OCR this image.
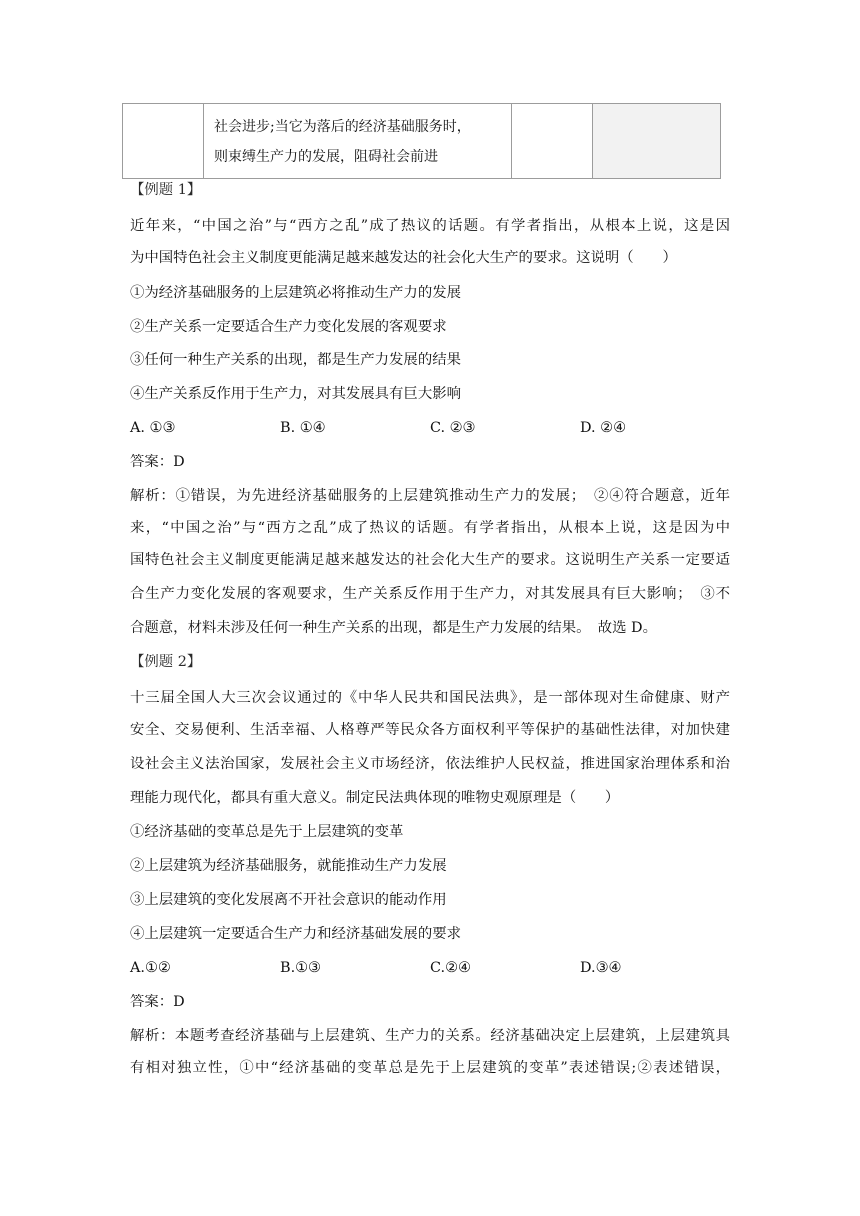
社会进步;当它为落后的经济基础服务时，
则束缚生产力的发展，阻碍社会前进

【例题 1】
近年来，“中国之治”与“西方之乱”成了热议的话题。有学者指出，从根本上说，这是因
为中国特色社会主义制度更能满足越来越发达的社会化大生产的要求。这说明（　　）
①为经济基础服务的上层建筑必将推动生产力的发展
②生产关系一定要适合生产力变化发展的客观要求
③任何一种生产关系的出现，都是生产力发展的结果
④生产关系反作用于生产力，对其发展具有巨大影响
A. ①③	B. ①④	C. ②③	D. ②④
答案：D
解析：①错误，为先进经济基础服务的上层建筑推动生产力的发展；　②④符合题意，近年
来，“中国之治”与“西方之乱”成了热议的话题。有学者指出，从根本上说，这是因为中
国特色社会主义制度更能满足越来越发达的社会化大生产的要求。这说明生产关系一定要适
合生产力变化发展的客观要求，生产关系反作用于生产力，对其发展具有巨大影响；　③不
合题意，材料未涉及任何一种生产关系的出现，都是生产力发展的结果。　故选 D。
【例题 2】
十三届全国人大三次会议通过的《中华人民共和国民法典》，是一部体现对生命健康、财产
安全、交易便利、生活幸福、人格尊严等民众各方面权利平等保护的基础性法律，对加快建
设社会主义法治国家，发展社会主义市场经济，依法维护人民权益，推进国家治理体系和治
理能力现代化，都具有重大意义。制定民法典体现的唯物史观原理是（　　）
①经济基础的变革总是先于上层建筑的变革
②上层建筑为经济基础服务，就能推动生产力发展
③上层建筑的变化发展离不开社会意识的能动作用
④上层建筑一定要适合生产力和经济基础发展的要求
A.①②	B.①③	C.②④	D.③④
答案：D
解析：本题考查经济基础与上层建筑、生产力的关系。经济基础决定上层建筑，上层建筑具
有相对独立性，①中“经济基础的变革总是先于上层建筑的变革”表述错误;②表述错误，
